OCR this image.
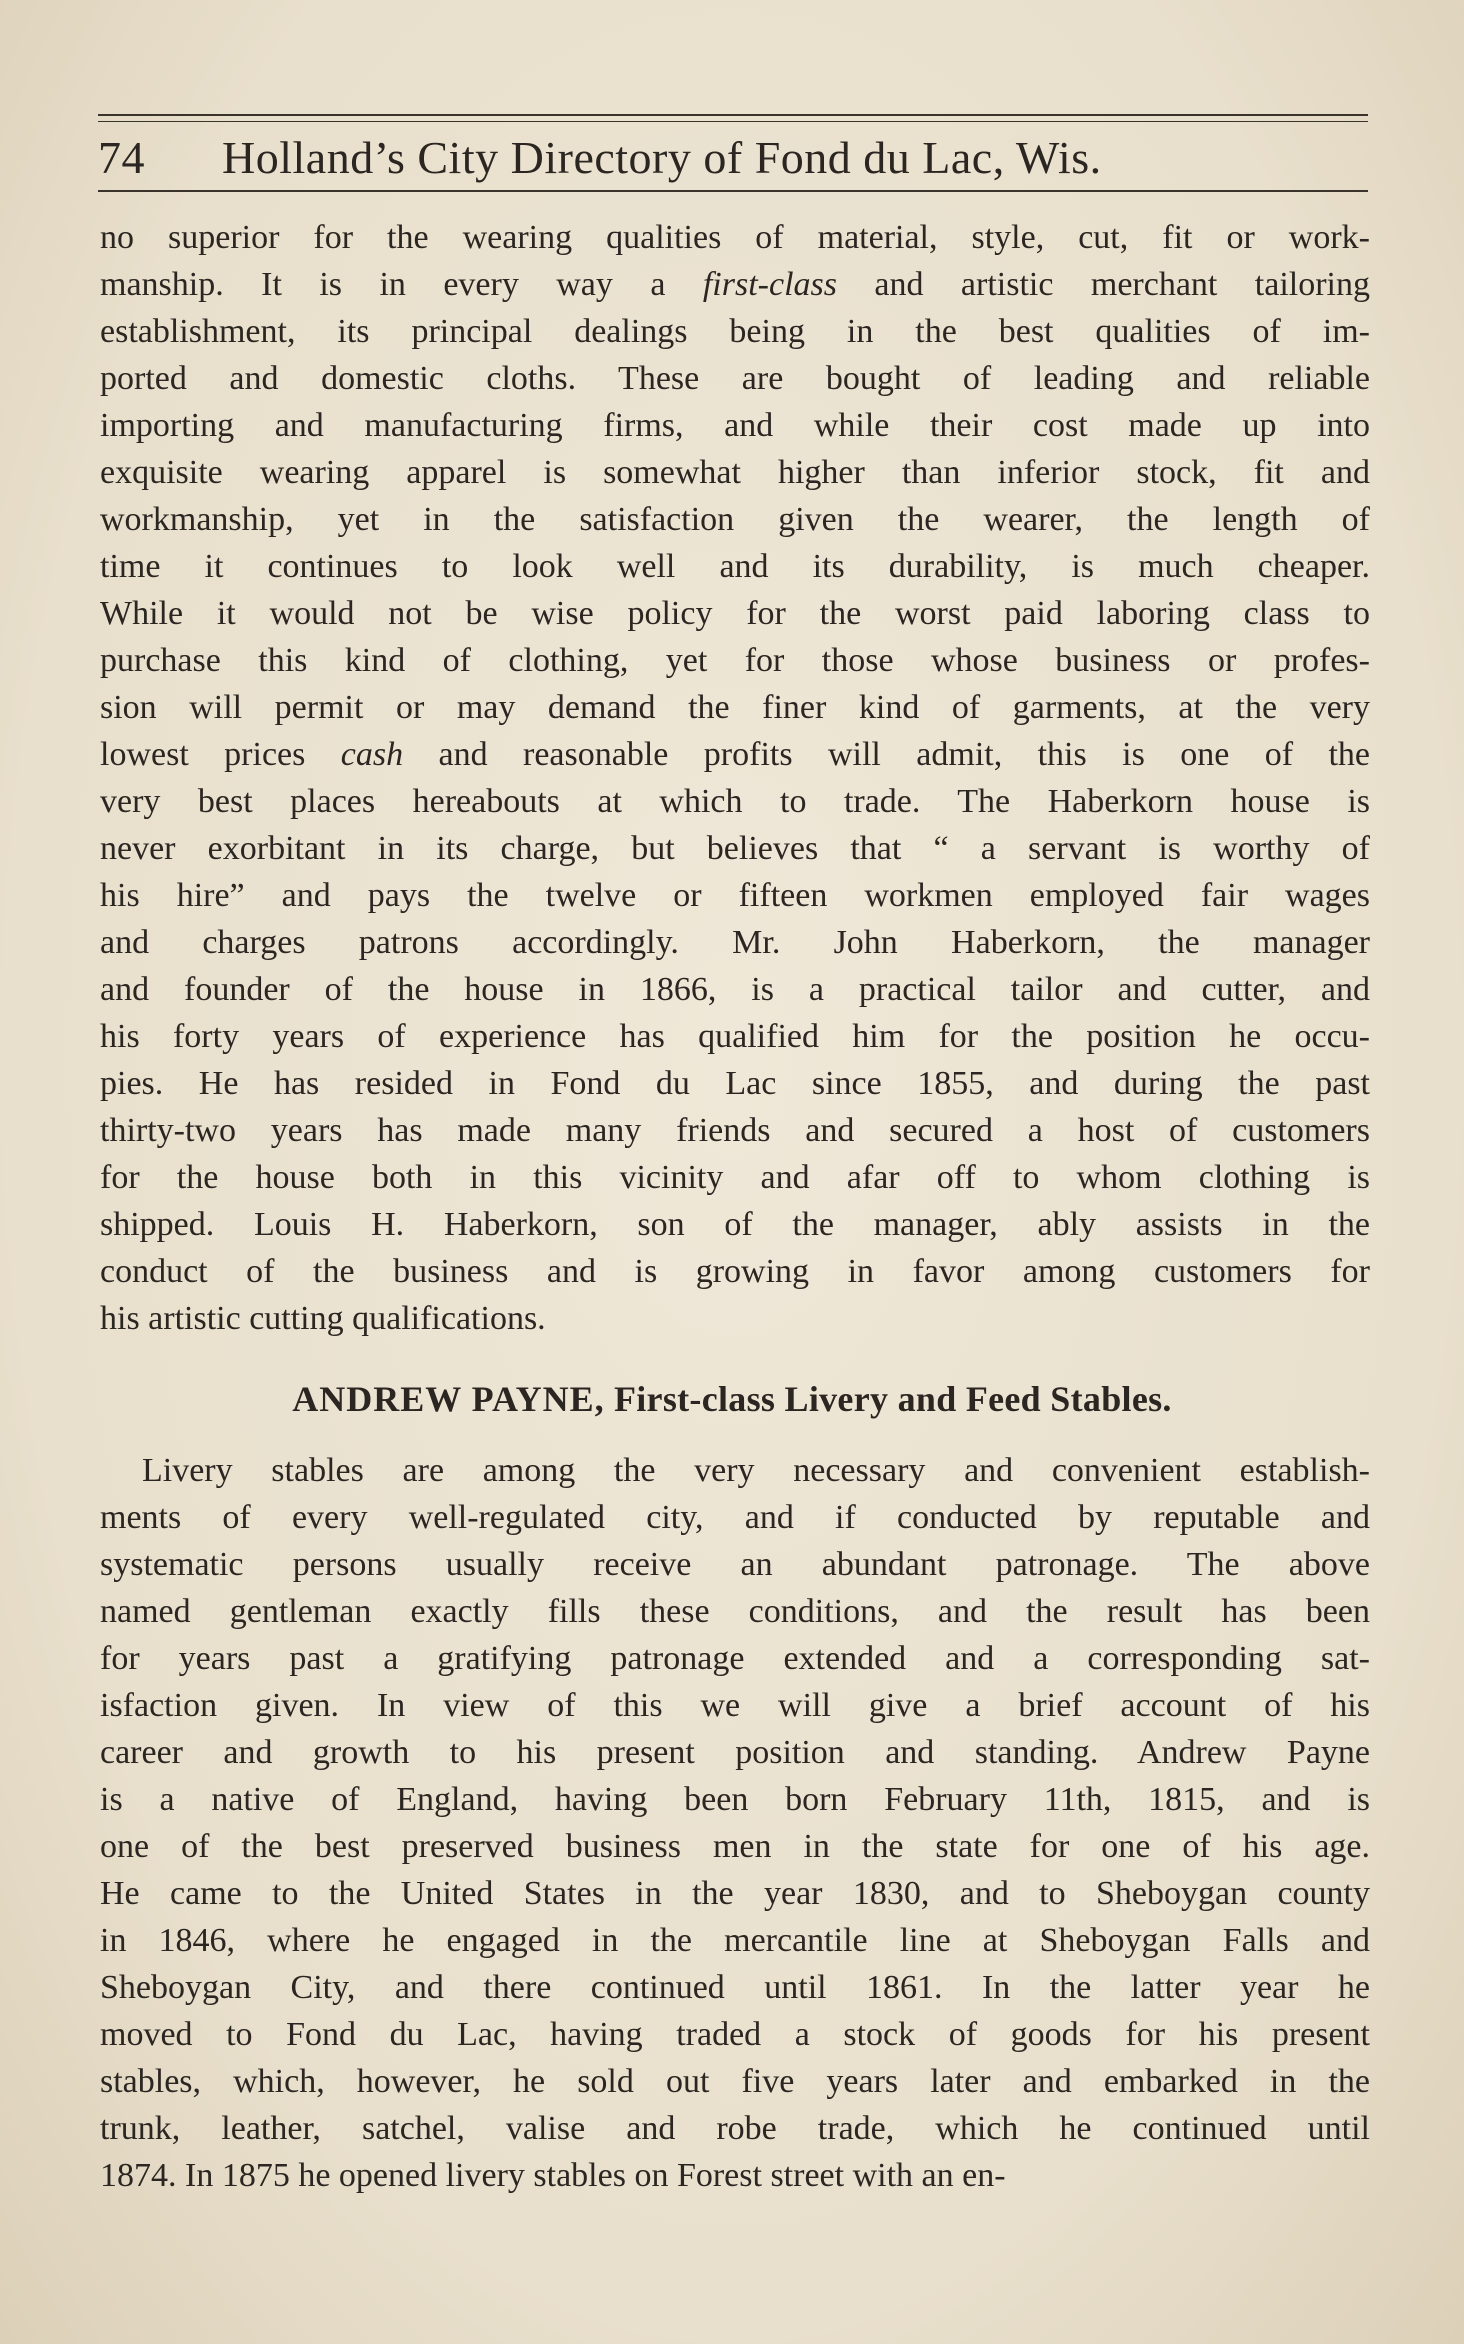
74 Holland’s City Directory of Fond du Lac, Wis.
no superior for the wearing qualities of material, style, cut, fit or work-
manship. It is in every way a first-class and artistic merchant tailoring
establishment, its principal dealings being in the best qualities of im-
ported and domestic cloths. These are bought of leading and reliable
importing and manufacturing firms, and while their cost made up into
exquisite wearing apparel is somewhat higher than inferior stock, fit and
workmanship, yet in the satisfaction given the wearer, the length of
time it continues to look well and its durability, is much cheaper.
While it would not be wise policy for the worst paid laboring class to
purchase this kind of clothing, yet for those whose business or profes-
sion will permit or may demand the finer kind of garments, at the very
lowest prices cash and reasonable profits will admit, this is one of the
very best places hereabouts at which to trade. The Haberkorn house is
never exorbitant in its charge, but believes that “ a servant is worthy of
his hire” and pays the twelve or fifteen workmen employed fair wages
and charges patrons accordingly. Mr. John Haberkorn, the manager
and founder of the house in 1866, is a practical tailor and cutter, and
his forty years of experience has qualified him for the position he occu-
pies. He has resided in Fond du Lac since 1855, and during the past
thirty-two years has made many friends and secured a host of customers
for the house both in this vicinity and afar off to whom clothing is
shipped. Louis H. Haberkorn, son of the manager, ably assists in the
conduct of the business and is growing in favor among customers for
his artistic cutting qualifications.
ANDREW PAYNE, First-class Livery and Feed Stables.
Livery stables are among the very necessary and convenient establish-
ments of every well-regulated city, and if conducted by reputable and
systematic persons usually receive an abundant patronage. The above
named gentleman exactly fills these conditions, and the result has been
for years past a gratifying patronage extended and a corresponding sat-
isfaction given. In view of this we will give a brief account of his
career and growth to his present position and standing. Andrew Payne
is a native of England, having been born February 11th, 1815, and is
one of the best preserved business men in the state for one of his age.
He came to the United States in the year 1830, and to Sheboygan county
in 1846, where he engaged in the mercantile line at Sheboygan Falls and
Sheboygan City, and there continued until 1861. In the latter year he
moved to Fond du Lac, having traded a stock of goods for his present
stables, which, however, he sold out five years later and embarked in the
trunk, leather, satchel, valise and robe trade, which he continued until
1874. In 1875 he opened livery stables on Forest street with an en-
